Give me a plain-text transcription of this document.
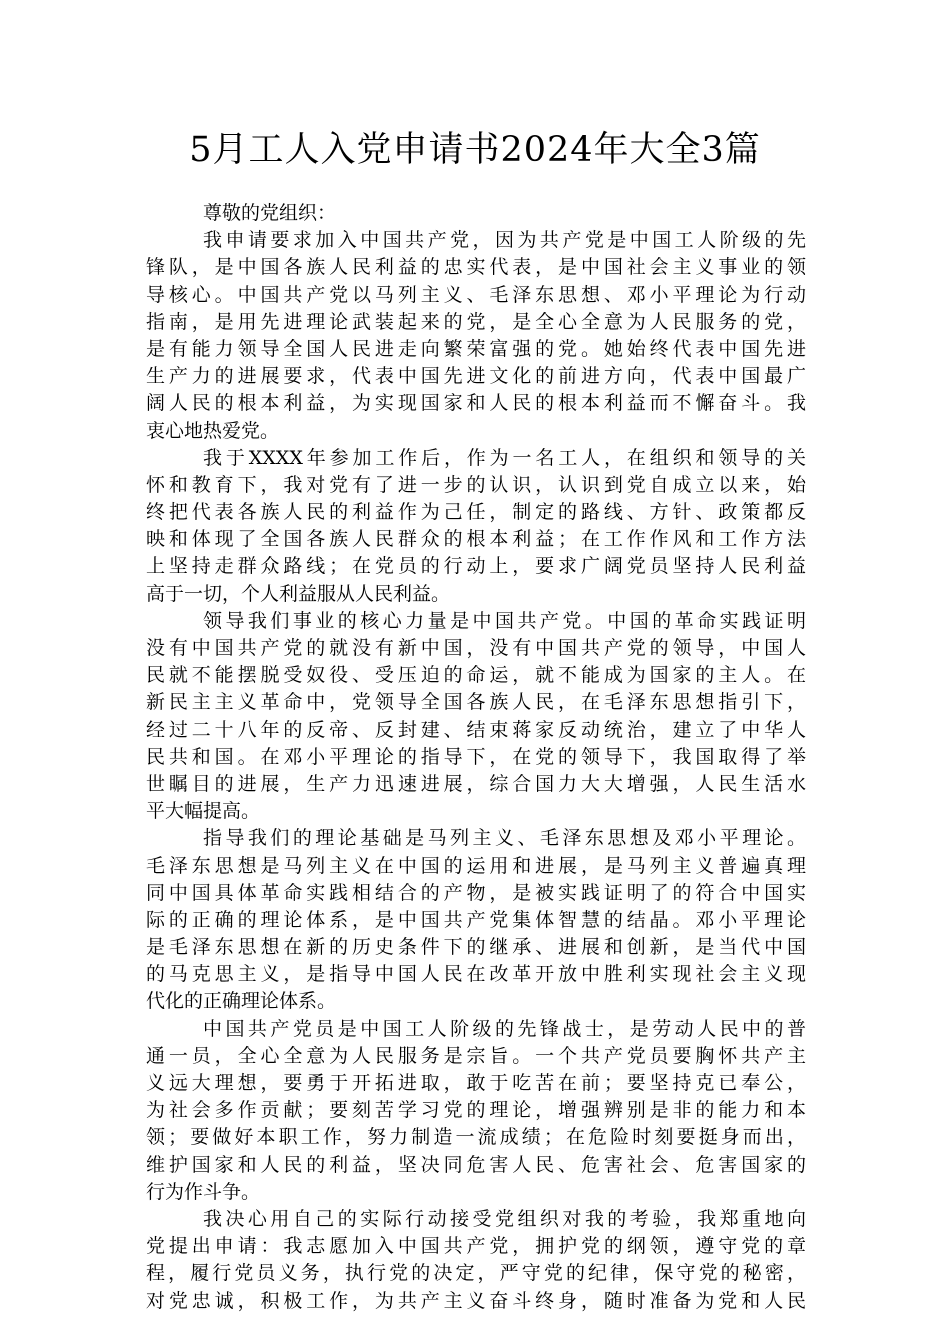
5月工人入党申请书2024年大全3篇
尊敬的党组织：
我申请要求加入中国共产党，因为共产党是中国工人阶级的先
锋队，是中国各族人民利益的忠实代表，是中国社会主义事业的领
导核心。中国共产党以马列主义、毛泽东思想、邓小平理论为行动
指南，是用先进理论武装起来的党，是全心全意为人民服务的党，
是有能力领导全国人民进走向繁荣富强的党。她始终代表中国先进
生产力的进展要求，代表中国先进文化的前进方向，代表中国最广
阔人民的根本利益，为实现国家和人民的根本利益而不懈奋斗。我
衷心地热爱党。
我于XXXX年参加工作后，作为一名工人，在组织和领导的关
怀和教育下，我对党有了进一步的认识，认识到党自成立以来，始
终把代表各族人民的利益作为己任，制定的路线、方针、政策都反
映和体现了全国各族人民群众的根本利益；在工作作风和工作方法
上坚持走群众路线；在党员的行动上，要求广阔党员坚持人民利益
高于一切，个人利益服从人民利益。
领导我们事业的核心力量是中国共产党。中国的革命实践证明
没有中国共产党的就没有新中国，没有中国共产党的领导，中国人
民就不能摆脱受奴役、受压迫的命运，就不能成为国家的主人。在
新民主主义革命中，党领导全国各族人民，在毛泽东思想指引下，
经过二十八年的反帝、反封建、结束蒋家反动统治，建立了中华人
民共和国。在邓小平理论的指导下，在党的领导下，我国取得了举
世瞩目的进展，生产力迅速进展，综合国力大大增强，人民生活水
平大幅提高。
指导我们的理论基础是马列主义、毛泽东思想及邓小平理论。
毛泽东思想是马列主义在中国的运用和进展，是马列主义普遍真理
同中国具体革命实践相结合的产物，是被实践证明了的符合中国实
际的正确的理论体系，是中国共产党集体智慧的结晶。邓小平理论
是毛泽东思想在新的历史条件下的继承、进展和创新，是当代中国
的马克思主义，是指导中国人民在改革开放中胜利实现社会主义现
代化的正确理论体系。
中国共产党员是中国工人阶级的先锋战士，是劳动人民中的普
通一员，全心全意为人民服务是宗旨。一个共产党员要胸怀共产主
义远大理想，要勇于开拓进取，敢于吃苦在前；要坚持克已奉公，
为社会多作贡献；要刻苦学习党的理论，增强辨别是非的能力和本
领；要做好本职工作，努力制造一流成绩；在危险时刻要挺身而出，
维护国家和人民的利益，坚决同危害人民、危害社会、危害国家的
行为作斗争。
我决心用自己的实际行动接受党组织对我的考验，我郑重地向
党提出申请：我志愿加入中国共产党，拥护党的纲领，遵守党的章
程，履行党员义务，执行党的决定，严守党的纪律，保守党的秘密，
对党忠诚，积极工作，为共产主义奋斗终身，随时准备为党和人民
